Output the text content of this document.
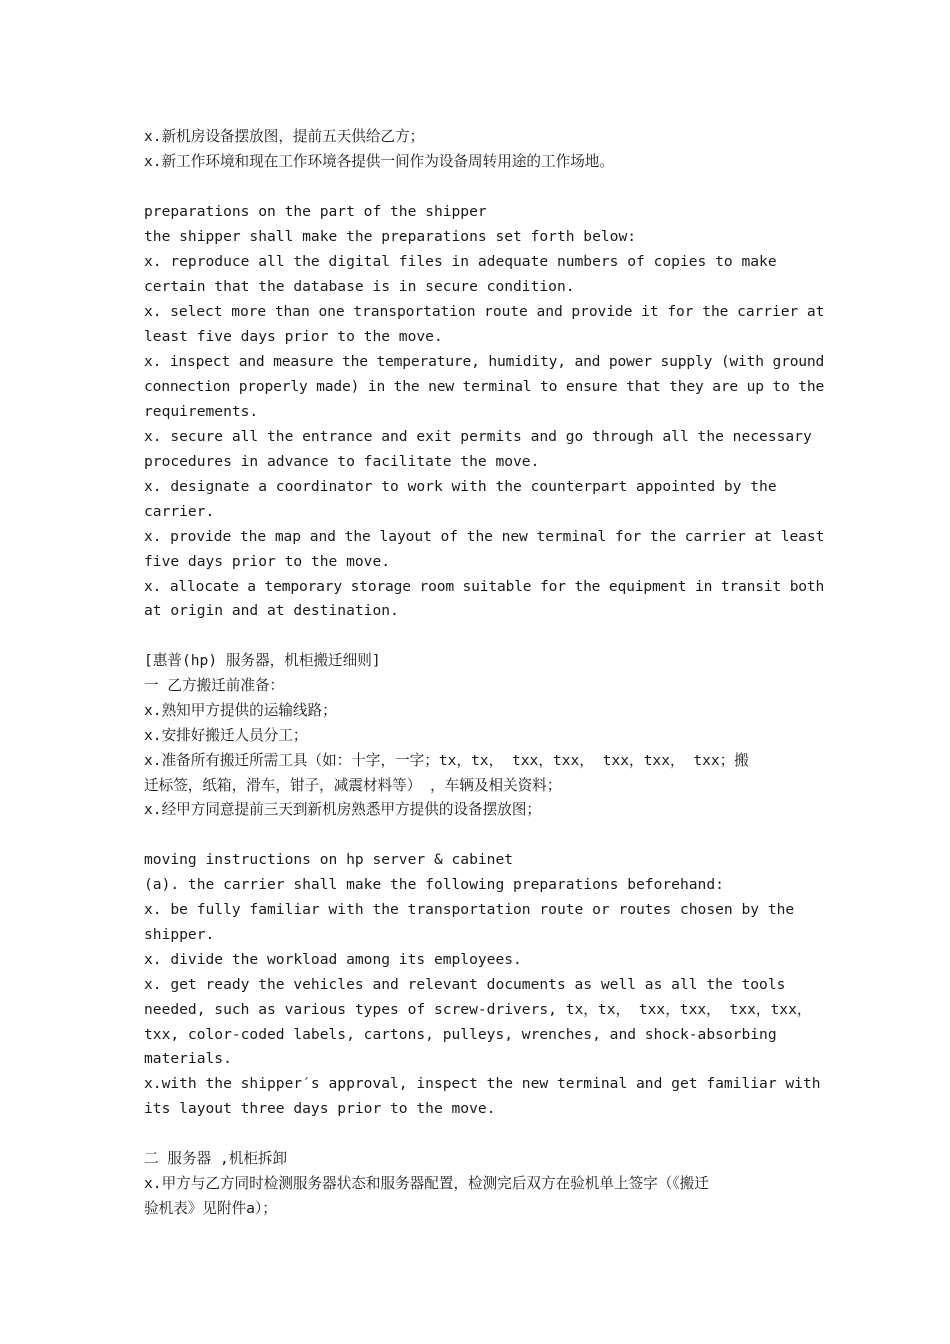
x.新机房设备摆放图，提前五天供给乙方；
x.新工作环境和现在工作环境各提供一间作为设备周转用途的工作场地。
preparations on the part of the shipper
the shipper shall make the preparations set forth below:
x. reproduce all the digital files in adequate numbers of copies to make
certain that the database is in secure condition.
x. select more than one transportation route and provide it for the carrier at
least five days prior to the move.
x. inspect and measure the temperature, humidity, and power supply (with ground
connection properly made) in the new terminal to ensure that they are up to the
requirements.
x. secure all the entrance and exit permits and go through all the necessary
procedures in advance to facilitate the move.
x. designate a coordinator to work with the counterpart appointed by the
carrier.
x. provide the map and the layout of the new terminal for the carrier at least
five days prior to the move.
x. allocate a temporary storage room suitable for the equipment in transit both
at origin and at destination.
[惠普(hp) 服务器，机柜搬迁细则]
一 乙方搬迁前准备：
x.熟知甲方提供的运输线路；
x.安排好搬迁人员分工；
x.准备所有搬迁所需工具（如：十字，一字；tx，tx， txx，txx， txx，txx， txx；搬
迁标签，纸箱，滑车，钳子，减震材料等） ，车辆及相关资料；
x.经甲方同意提前三天到新机房熟悉甲方提供的设备摆放图；
moving instructions on hp server & cabinet
(a). the carrier shall make the following preparations beforehand:
x. be fully familiar with the transportation route or routes chosen by the
shipper.
x. divide the workload among its employees.
x. get ready the vehicles and relevant documents as well as all the tools
needed, such as various types of screw-drivers, tx，tx， txx，txx， txx，txx，
txx, color-coded labels, cartons, pulleys, wrenches, and shock-absorbing
materials.
x.with the shipper′s approval, inspect the new terminal and get familiar with
its layout three days prior to the move.
二 服务器 ,机柜拆卸
x.甲方与乙方同时检测服务器状态和服务器配置，检测完后双方在验机单上签字（《搬迁
验机表》见附件a）；
